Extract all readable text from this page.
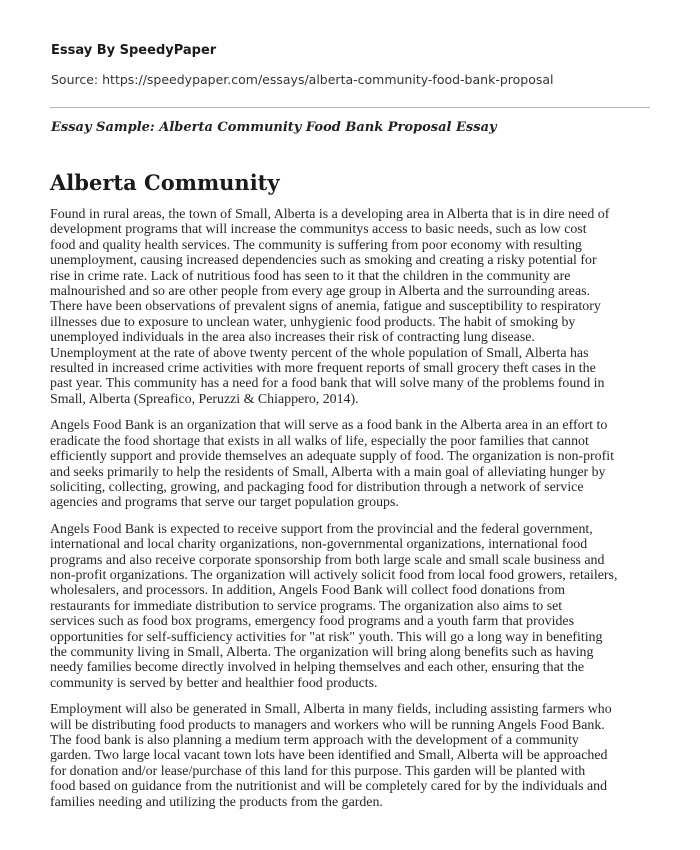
Essay By SpeedyPaper
Source: https://speedypaper.com/essays/alberta-community-food-bank-proposal
Essay Sample: Alberta Community Food Bank Proposal Essay
Alberta Community

Found in rural areas, the town of Small, Alberta is a developing area in Alberta that is in dire need of
development programs that will increase the communitys access to basic needs, such as low cost
food and quality health services. The community is suffering from poor economy with resulting
unemployment, causing increased dependencies such as smoking and creating a risky potential for
rise in crime rate. Lack of nutritious food has seen to it that the children in the community are
malnourished and so are other people from every age group in Alberta and the surrounding areas.
There have been observations of prevalent signs of anemia, fatigue and susceptibility to respiratory
illnesses due to exposure to unclean water, unhygienic food products. The habit of smoking by
unemployed individuals in the area also increases their risk of contracting lung disease.
Unemployment at the rate of above twenty percent of the whole population of Small, Alberta has
resulted in increased crime activities with more frequent reports of small grocery theft cases in the
past year. This community has a need for a food bank that will solve many of the problems found in
Small, Alberta (Spreafico, Peruzzi & Chiappero, 2014).

Angels Food Bank is an organization that will serve as a food bank in the Alberta area in an effort to
eradicate the food shortage that exists in all walks of life, especially the poor families that cannot
efficiently support and provide themselves an adequate supply of food. The organization is non-profit
and seeks primarily to help the residents of Small, Alberta with a main goal of alleviating hunger by
soliciting, collecting, growing, and packaging food for distribution through a network of service
agencies and programs that serve our target population groups.

Angels Food Bank is expected to receive support from the provincial and the federal government,
international and local charity organizations, non-governmental organizations, international food
programs and also receive corporate sponsorship from both large scale and small scale business and
non-profit organizations. The organization will actively solicit food from local food growers, retailers,
wholesalers, and processors. In addition, Angels Food Bank will collect food donations from
restaurants for immediate distribution to service programs. The organization also aims to set
services such as food box programs, emergency food programs and a youth farm that provides
opportunities for self-sufficiency activities for "at risk" youth. This will go a long way in benefiting
the community living in Small, Alberta. The organization will bring along benefits such as having
needy families become directly involved in helping themselves and each other, ensuring that the
community is served by better and healthier food products.

Employment will also be generated in Small, Alberta in many fields, including assisting farmers who
will be distributing food products to managers and workers who will be running Angels Food Bank.
The food bank is also planning a medium term approach with the development of a community
garden. Two large local vacant town lots have been identified and Small, Alberta will be approached
for donation and/or lease/purchase of this land for this purpose. This garden will be planted with
food based on guidance from the nutritionist and will be completely cared for by the individuals and
families needing and utilizing the products from the garden.
